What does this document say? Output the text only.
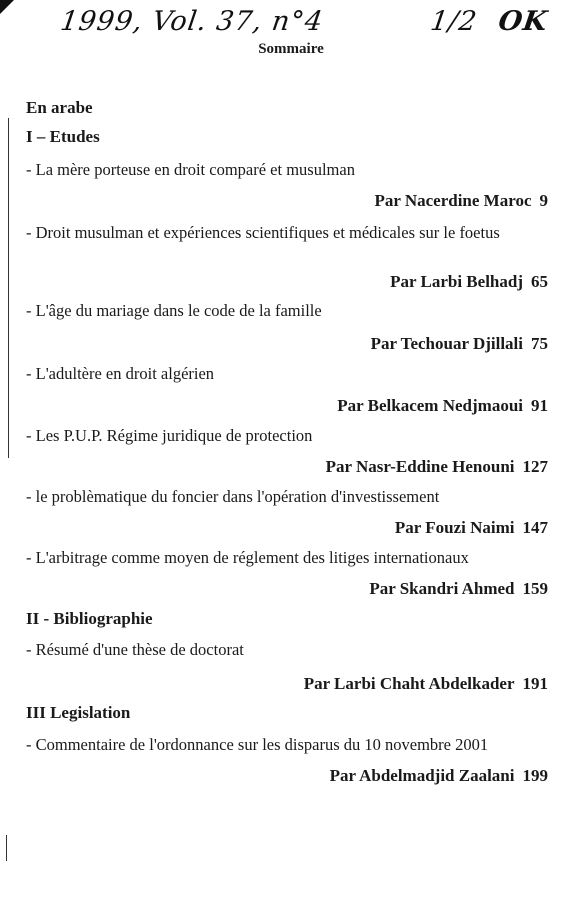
1999, Vol. 37, n°4	1/2 OK
Sommaire
En arabe
I – Etudes
- La mère porteuse en droit comparé et musulman
Par Nacerdine Maroc 9
- Droit musulman et expériences scientifiques et médicales sur le foetus
Par Larbi Belhadj 65
- L'âge du mariage dans le code de la famille
Par Techouar Djillali 75
- L'adultère en droit algérien
Par Belkacem Nedjmaoui 91
- Les P.U.P. Régime juridique de protection
Par Nasr-Eddine Henouni 127
- le problèmatique du foncier dans l'opération d'investissement
Par Fouzi Naimi 147
- L'arbitrage comme moyen de réglement des litiges internationaux
Par Skandri Ahmed 159
II - Bibliographie
- Résumé d'une thèse de doctorat
Par Larbi Chaht Abdelkader 191
III Legislation
- Commentaire de l'ordonnance sur les disparus du 10 novembre 2001
Par Abdelmadjid Zaalani 199
